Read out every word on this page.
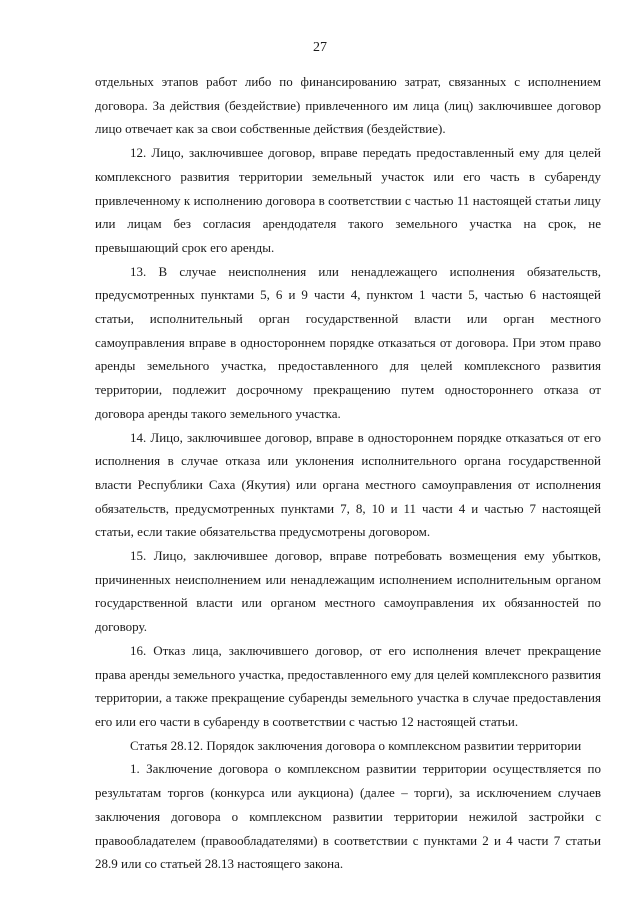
27

отдельных этапов работ либо по финансированию затрат, связанных с исполнением договора. За действия (бездействие) привлеченного им лица (лиц) заключившее договор лицо отвечает как за свои собственные действия (бездействие).

12. Лицо, заключившее договор, вправе передать предоставленный ему для целей комплексного развития территории земельный участок или его часть в субаренду привлеченному к исполнению договора в соответствии с частью 11 настоящей статьи лицу или лицам без согласия арендодателя такого земельного участка на срок, не превышающий срок его аренды.

13. В случае неисполнения или ненадлежащего исполнения обязательств, предусмотренных пунктами 5, 6 и 9 части 4, пунктом 1 части 5, частью 6 настоящей статьи, исполнительный орган государственной власти или орган местного самоуправления вправе в одностороннем порядке отказаться от договора. При этом право аренды земельного участка, предоставленного для целей комплексного развития территории, подлежит досрочному прекращению путем одностороннего отказа от договора аренды такого земельного участка.

14. Лицо, заключившее договор, вправе в одностороннем порядке отказаться от его исполнения в случае отказа или уклонения исполнительного органа государственной власти Республики Саха (Якутия) или органа местного самоуправления от исполнения обязательств, предусмотренных пунктами 7, 8, 10 и 11 части 4 и частью 7 настоящей статьи, если такие обязательства предусмотрены договором.

15. Лицо, заключившее договор, вправе потребовать возмещения ему убытков, причиненных неисполнением или ненадлежащим исполнением исполнительным органом государственной власти или органом местного самоуправления их обязанностей по договору.

16. Отказ лица, заключившего договор, от его исполнения влечет прекращение права аренды земельного участка, предоставленного ему для целей комплексного развития территории, а также прекращение субаренды земельного участка в случае предоставления его или его части в субаренду в соответствии с частью 12 настоящей статьи.

Статья 28.12. Порядок заключения договора о комплексном развитии территории

1. Заключение договора о комплексном развитии территории осуществляется по результатам торгов (конкурса или аукциона) (далее – торги), за исключением случаев заключения договора о комплексном развитии территории нежилой застройки с правообладателем (правообладателями) в соответствии с пунктами 2 и 4 части 7 статьи 28.9 или со статьей 28.13 настоящего закона.
